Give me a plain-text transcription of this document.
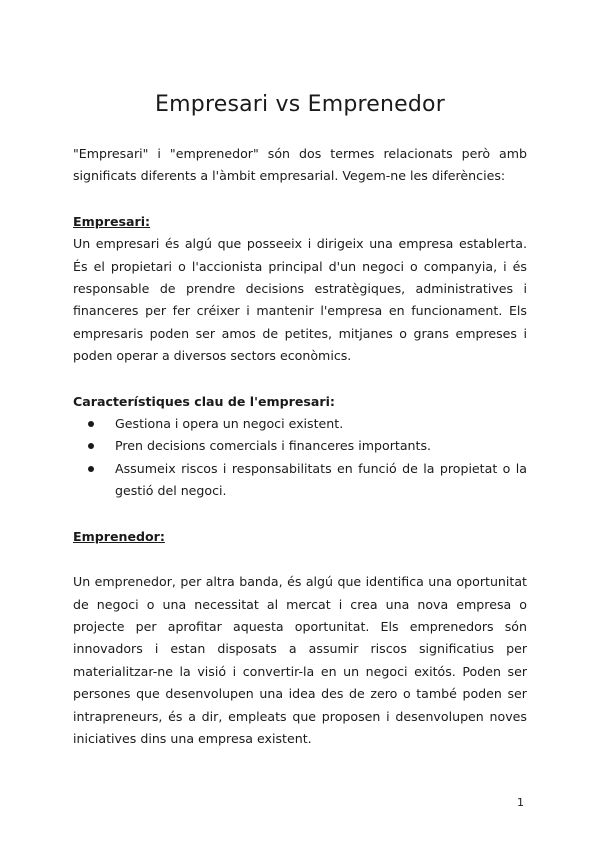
Empresari vs Emprenedor

"Empresari" i "emprenedor" són dos termes relacionats però amb significats diferents a l'àmbit empresarial. Vegem-ne les diferències:

Empresari:

Un empresari és algú que posseeix i dirigeix una empresa establerta. És el propietari o l'accionista principal d'un negoci o companyia, i és responsable de prendre decisions estratègiques, administratives i financeres per fer créixer i mantenir l'empresa en funcionament. Els empresaris poden ser amos de petites, mitjanes o grans empreses i poden operar a diversos sectors econòmics.

Característiques clau de l'empresari:
Gestiona i opera un negoci existent.
Pren decisions comercials i financeres importants.
Assumeix riscos i responsabilitats en funció de la propietat o la gestió del negoci.
Emprenedor:

Un emprenedor, per altra banda, és algú que identifica una oportunitat de negoci o una necessitat al mercat i crea una nova empresa o projecte per aprofitar aquesta oportunitat. Els emprenedors són innovadors i estan disposats a assumir riscos significatius per materialitzar-ne la visió i convertir-la en un negoci exitós. Poden ser persones que desenvolupen una idea des de zero o també poden ser intrapreneurs, és a dir, empleats que proposen i desenvolupen noves iniciatives dins una empresa existent.

1
